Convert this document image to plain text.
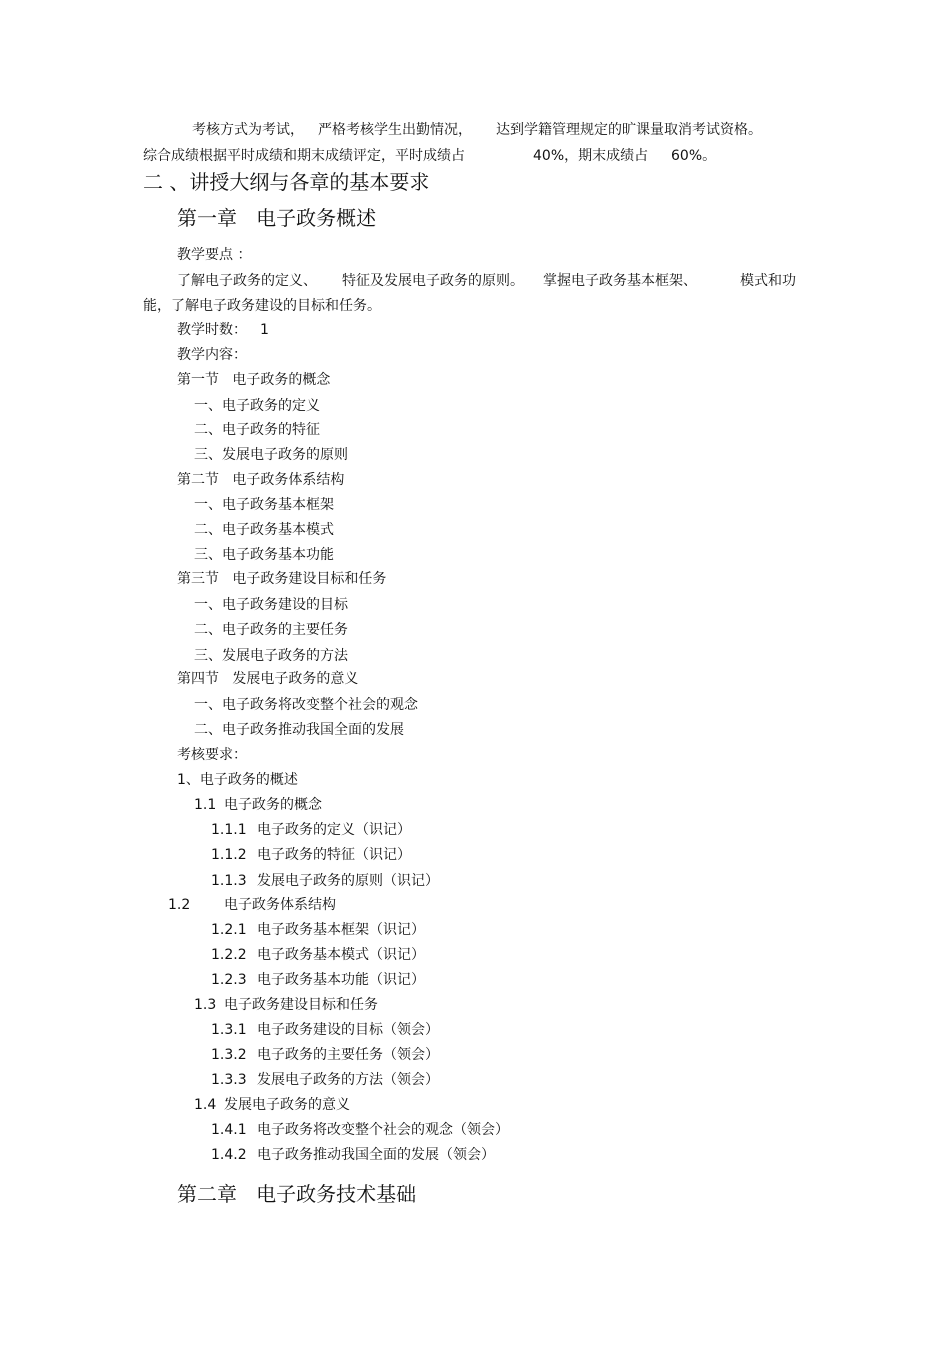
考核方式为考试， 严格考核学生出勤情况， 达到学籍管理规定的旷课量取消考试资格。
综合成绩根据平时成绩和期末成绩评定，平时成绩占	40%，期末成绩占 60%。
二 、讲授大纲与各章的基本要求
第一章   电子政务概述
教学要点 ：
了解电子政务的定义、 特征及发展电子政务的原则。 掌握电子政务基本框架、	模式和功
能，了解电子政务建设的目标和任务。
教学时数： 1
教学内容：
第一节   电子政务的概念
一、电子政务的定义
二、电子政务的特征
三、发展电子政务的原则
第二节   电子政务体系结构
一、电子政务基本框架
二、电子政务基本模式
三、电子政务基本功能
第三节   电子政务建设目标和任务
一、电子政务建设的目标
二、电子政务的主要任务
三、发展电子政务的方法
第四节   发展电子政务的意义
一、电子政务将改变整个社会的观念
二、电子政务推动我国全面的发展
考核要求：
1、电子政务的概述
1.1 电子政务的概念
1.1.1 电子政务的定义（识记）
1.1.2 电子政务的特征（识记）
1.1.3 发展电子政务的原则（识记）
1.2 电子政务体系结构
1.2.1 电子政务基本框架（识记）
1.2.2 电子政务基本模式（识记）
1.2.3 电子政务基本功能（识记）
1.3 电子政务建设目标和任务
1.3.1 电子政务建设的目标（领会）
1.3.2 电子政务的主要任务（领会）
1.3.3 发展电子政务的方法（领会）
1.4 发展电子政务的意义
1.4.1 电子政务将改变整个社会的观念（领会）
1.4.2 电子政务推动我国全面的发展（领会）
第二章   电子政务技术基础
